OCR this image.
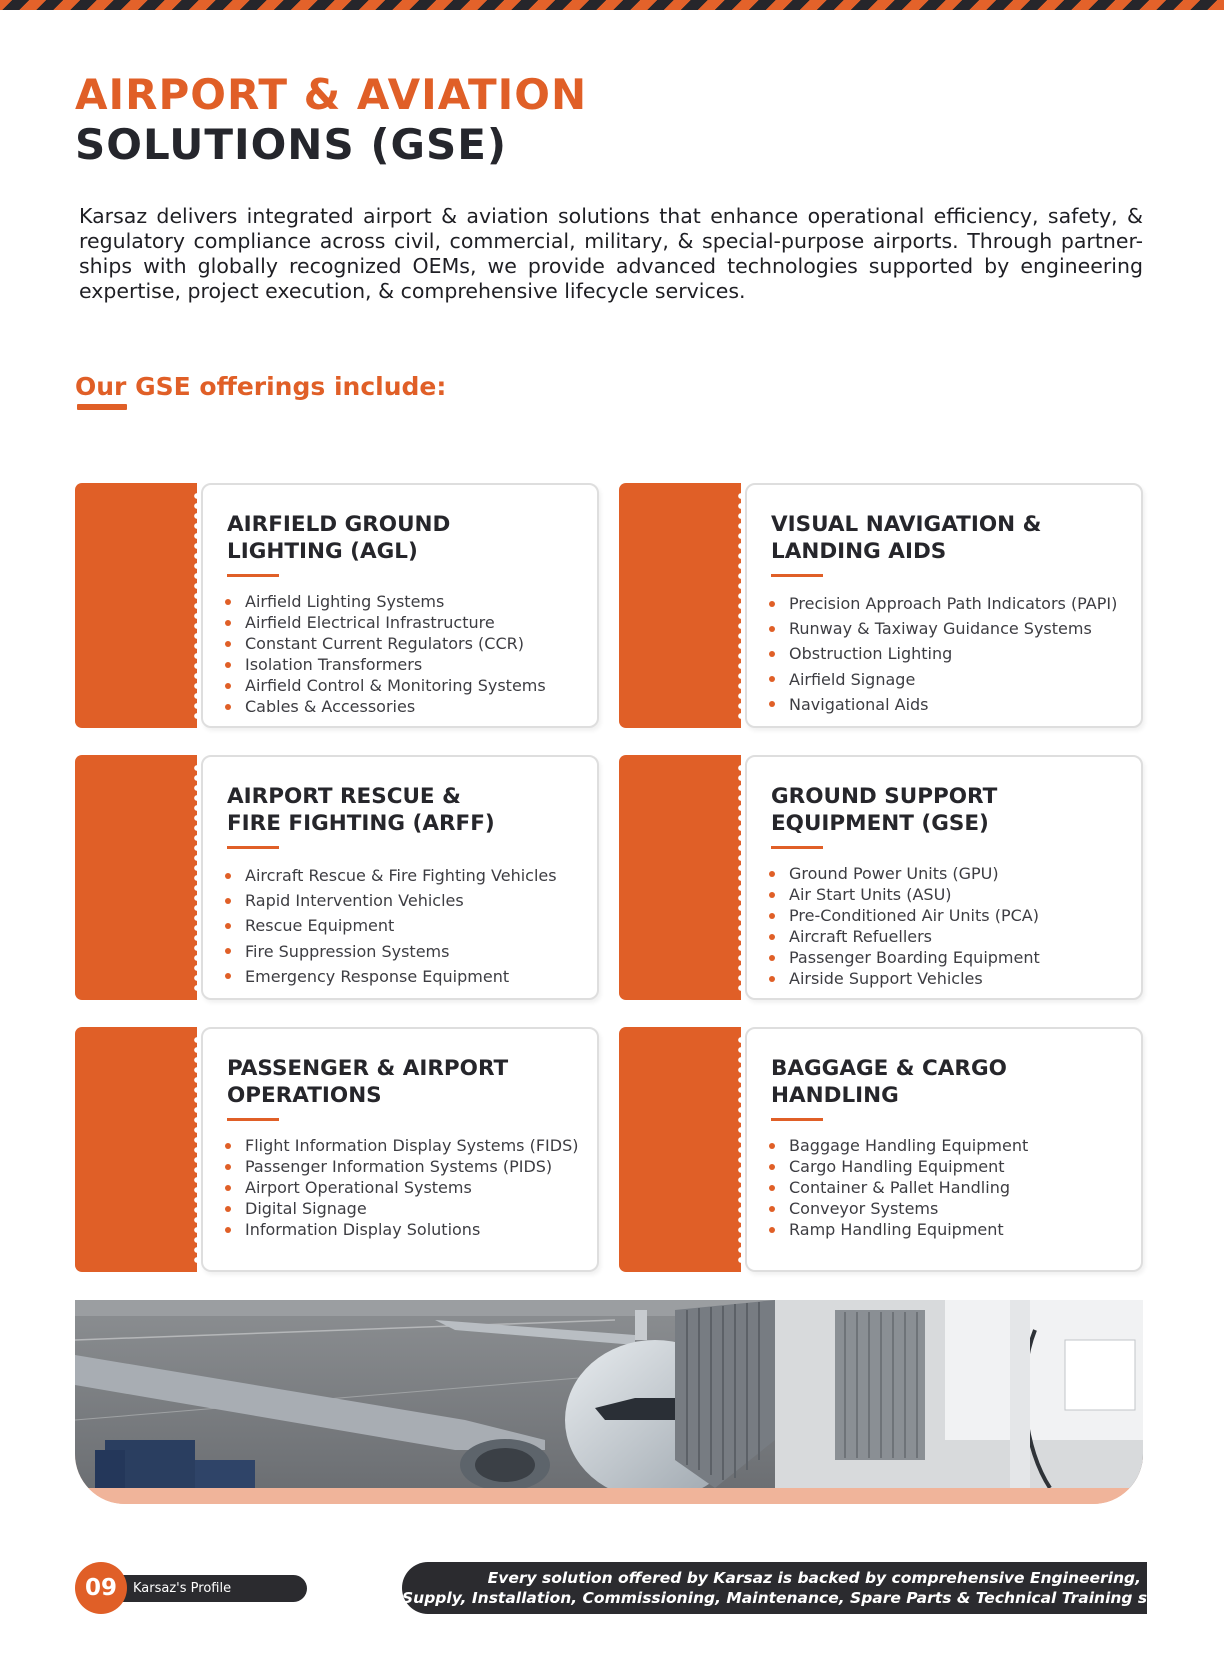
AIRPORT & AVIATION
SOLUTIONS (GSE)

Karsaz delivers integrated airport & aviation solutions that enhance operational efficiency, safety, & regulatory compliance across civil, commercial, military, & special-purpose airports. Through partner-ships with globally recognized OEMs, we provide advanced technologies supported by engineering expertise, project execution, & comprehensive lifecycle services.

Our GSE offerings include:
AIRFIELD GROUND
LIGHTING (AGL)
Airfield Lighting Systems
Airfield Electrical Infrastructure
Constant Current Regulators (CCR)
Isolation Transformers
Airfield Control & Monitoring Systems
Cables & Accessories
VISUAL NAVIGATION &
LANDING AIDS
Precision Approach Path Indicators (PAPI)
Runway & Taxiway Guidance Systems
Obstruction Lighting
Airfield Signage
Navigational Aids
AIRPORT RESCUE &
FIRE FIGHTING (ARFF)
Aircraft Rescue & Fire Fighting Vehicles
Rapid Intervention Vehicles
Rescue Equipment
Fire Suppression Systems
Emergency Response Equipment
GROUND SUPPORT
EQUIPMENT (GSE)
Ground Power Units (GPU)
Air Start Units (ASU)
Pre-Conditioned Air Units (PCA)
Aircraft Refuellers
Passenger Boarding Equipment
Airside Support Vehicles
PASSENGER & AIRPORT
OPERATIONS
Flight Information Display Systems (FIDS)
Passenger Information Systems (PIDS)
Airport Operational Systems
Digital Signage
Information Display Solutions
BAGGAGE & CARGO
HANDLING
Baggage Handling Equipment
Cargo Handling Equipment
Container & Pallet Handling
Conveyor Systems
Ramp Handling Equipment
09	Karsaz's Profile
Every solution offered by Karsaz is backed by comprehensive Engineering,
Supply, Installation, Commissioning, Maintenance, Spare Parts & Technical Training services.
